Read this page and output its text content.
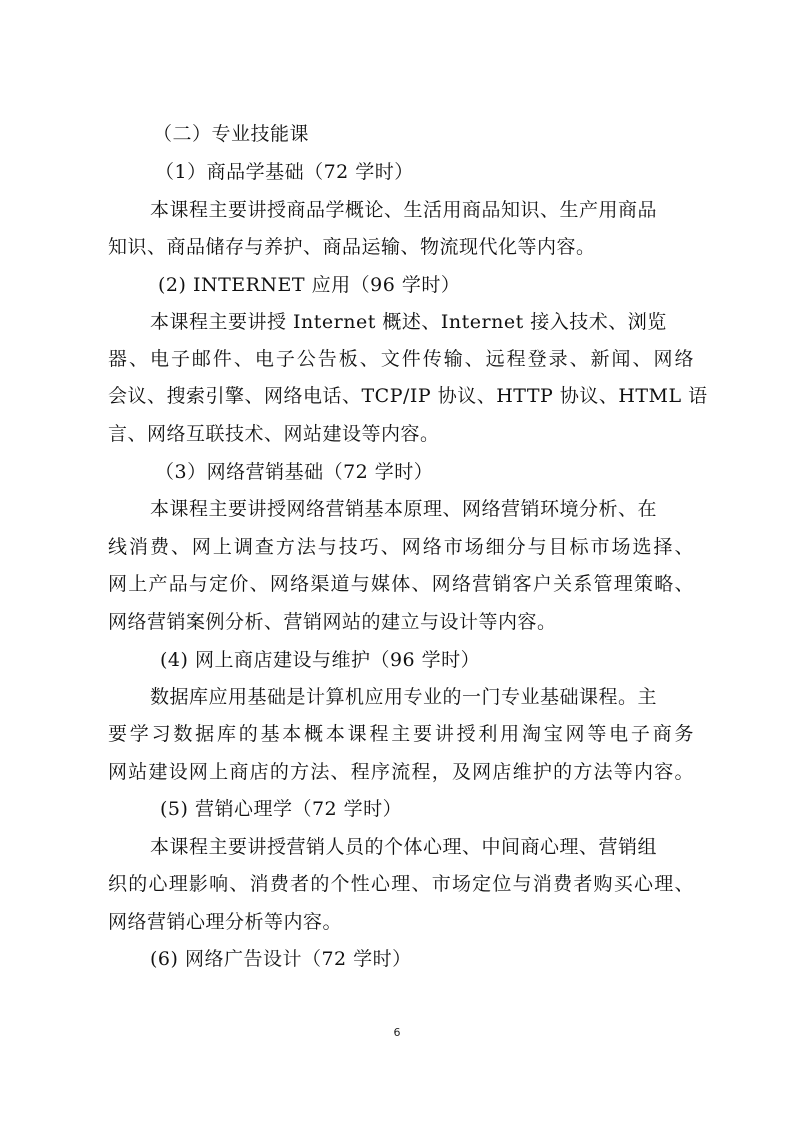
（二）专业技能课
（1）商品学基础（72 学时）
本课程主要讲授商品学概论、生活用商品知识、生产用商品
知识、商品储存与养护、商品运输、物流现代化等内容。
(2) INTERNET 应用（96 学时）
本课程主要讲授 Internet 概述、Internet 接入技术、浏览
器、电子邮件、电子公告板、文件传输、远程登录、新闻、网络
会议、搜索引擎、网络电话、TCP/IP 协议、HTTP 协议、HTML 语
言、网络互联技术、网站建设等内容。
（3）网络营销基础（72 学时）
本课程主要讲授网络营销基本原理、网络营销环境分析、在
线消费、网上调查方法与技巧、网络市场细分与目标市场选择、
网上产品与定价、网络渠道与媒体、网络营销客户关系管理策略、
网络营销案例分析、营销网站的建立与设计等内容。
(4) 网上商店建设与维护（96 学时）
数据库应用基础是计算机应用专业的一门专业基础课程。主
要学习数据库的基本概本课程主要讲授利用淘宝网等电子商务
网站建设网上商店的方法、程序流程，及网店维护的方法等内容。
(5) 营销心理学（72 学时）
本课程主要讲授营销人员的个体心理、中间商心理、营销组
织的心理影响、消费者的个性心理、市场定位与消费者购买心理、
网络营销心理分析等内容。
(6) 网络广告设计（72 学时）
6
